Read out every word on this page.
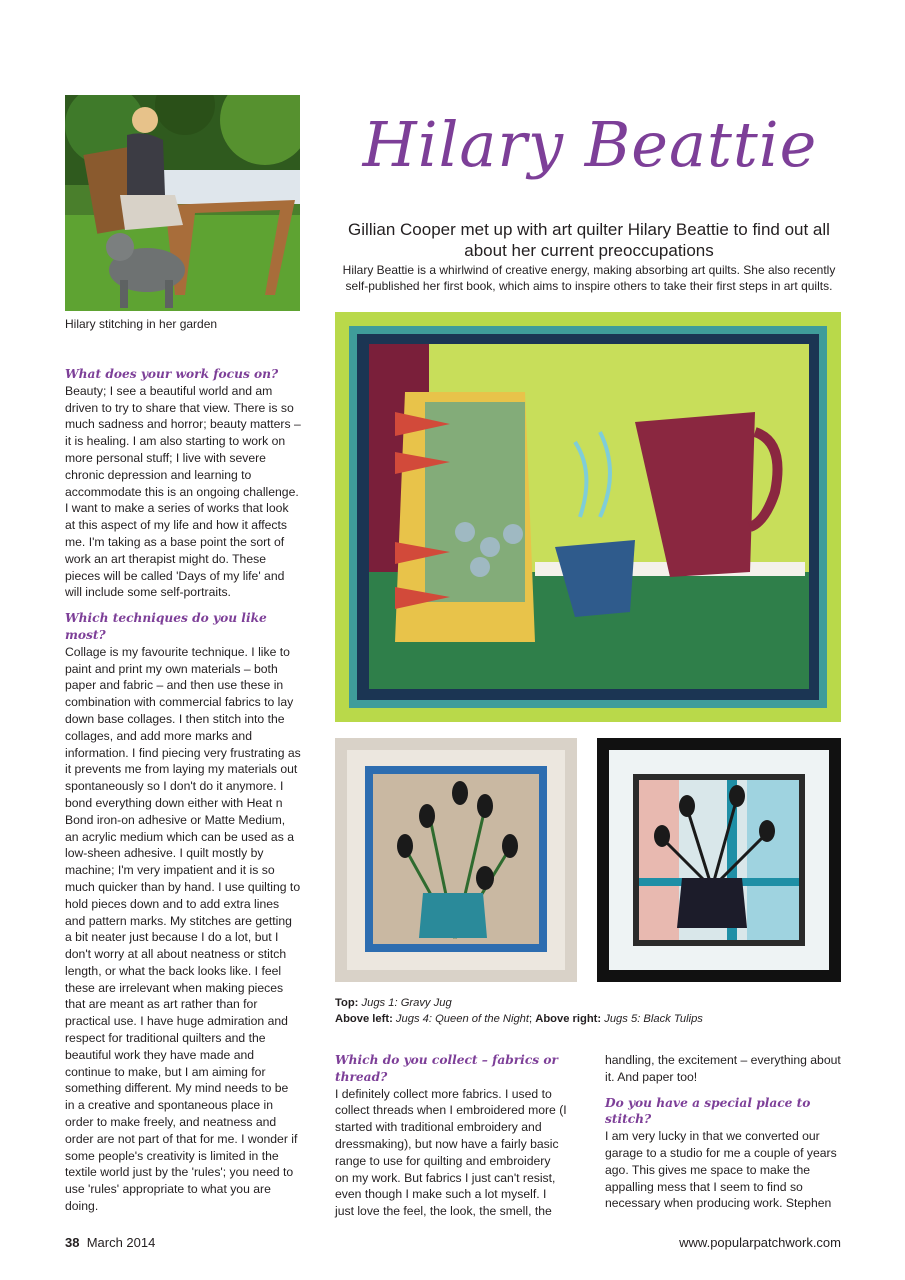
Hilary stitching in her garden
Hilary Beattie
Gillian Cooper met up with art quilter Hilary Beattie to find out all about her current preoccupations
Hilary Beattie is a whirlwind of creative energy, making absorbing art quilts. She also recently self-published her first book, which aims to inspire others to take their first steps in art quilts.

What does your work focus on?

Beauty; I see a beautiful world and am driven to try to share that view. There is so much sadness and horror; beauty matters – it is healing. I am also starting to work on more personal stuff; I live with severe chronic depression and learning to accommodate this is an ongoing challenge. I want to make a series of works that look at this aspect of my life and how it affects me. I'm taking as a base point the sort of work an art therapist might do. These pieces will be called 'Days of my life' and will include some self-portraits.

Which techniques do you like most?

Collage is my favourite technique. I like to paint and print my own materials – both paper and fabric – and then use these in combination with commercial fabrics to lay down base collages. I then stitch into the collages, and add more marks and information. I find piecing very frustrating as it prevents me from laying my materials out spontaneously so I don't do it anymore. I bond everything down either with Heat n Bond iron-on adhesive or Matte Medium, an acrylic medium which can be used as a low-sheen adhesive. I quilt mostly by machine; I'm very impatient and it is so much quicker than by hand. I use quilting to hold pieces down and to add extra lines and pattern marks. My stitches are getting a bit neater just because I do a lot, but I don't worry at all about neatness or stitch length, or what the back looks like. I feel these are irrelevant when making pieces that are meant as art rather than for practical use. I have huge admiration and respect for traditional quilters and the beautiful work they have made and continue to make, but I am aiming for something different. My mind needs to be in a creative and spontaneous place in order to make freely, and neatness and order are not part of that for me. I wonder if some people's creativity is limited in the textile world just by the 'rules'; you need to use 'rules' appropriate to what you are doing.

Top: Jugs 1: Gravy Jug
Above left: Jugs 4: Queen of the Night; Above right: Jugs 5: Black Tulips

Which do you collect – fabrics or thread?

I definitely collect more fabrics. I used to collect threads when I embroidered more (I started with traditional embroidery and dressmaking), but now have a fairly basic range to use for quilting and embroidery on my work. But fabrics I just can't resist, even though I make such a lot myself. I just love the feel, the look, the smell, the

handling, the excitement – everything about it. And paper too!

Do you have a special place to stitch?

I am very lucky in that we converted our garage to a studio for me a couple of years ago. This gives me space to make the appalling mess that I seem to find so necessary when producing work. Stephen

38 March 2014	www.popularpatchwork.com
